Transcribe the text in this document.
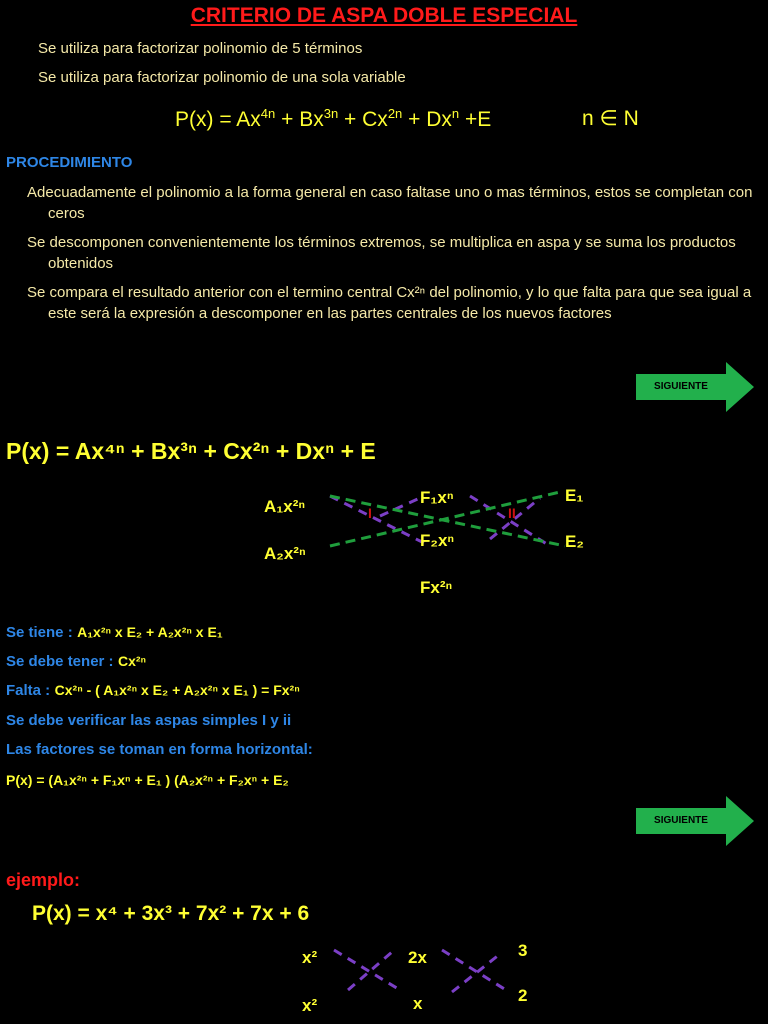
CRITERIO DE ASPA DOBLE ESPECIAL
Se utiliza para factorizar polinomio de 5 términos
Se utiliza para factorizar polinomio de una sola variable
$P(x) = Ax^{4n} + Bx^{3n} + Cx^{2n} + Dx^n +E$	n ∈ N
PROCEDIMIENTO
Adecuadamente el polinomio a la forma general en caso faltase uno o mas términos, estos se completan con ceros
Se descomponen convenientemente los términos extremos, se multiplica en aspa y se suma los productos obtenidos
Se compara el resultado anterior con el termino central Cx²ⁿ del polinomio, y lo que falta para que sea igual a este será la expresión a descomponer en las partes centrales de los nuevos factores
SIGUIENTE
P(x) = Ax⁴ⁿ + Bx³ⁿ + Cx²ⁿ + Dxⁿ + E
I	II
A₁x²ⁿ
A₂x²ⁿ
F₁xⁿ
F₂xⁿ
E₁
E₂
Fx²ⁿ
Se tiene : A₁x²ⁿ x E₂ + A₂x²ⁿ x E₁
Se debe tener : Cx²ⁿ
Falta : Cx²ⁿ - ( A₁x²ⁿ x E₂ + A₂x²ⁿ x E₁ ) = Fx²ⁿ
Se debe verificar las aspas simples I y ii
Las factores se toman en forma horizontal:
P(x) = (A₁x²ⁿ + F₁xⁿ + E₁ ) (A₂x²ⁿ + F₂xⁿ + E₂
SIGUIENTE
ejemplo:
P(x) = x⁴ + 3x³ + 7x² + 7x + 6
x²	2x	3
x²	x	2
